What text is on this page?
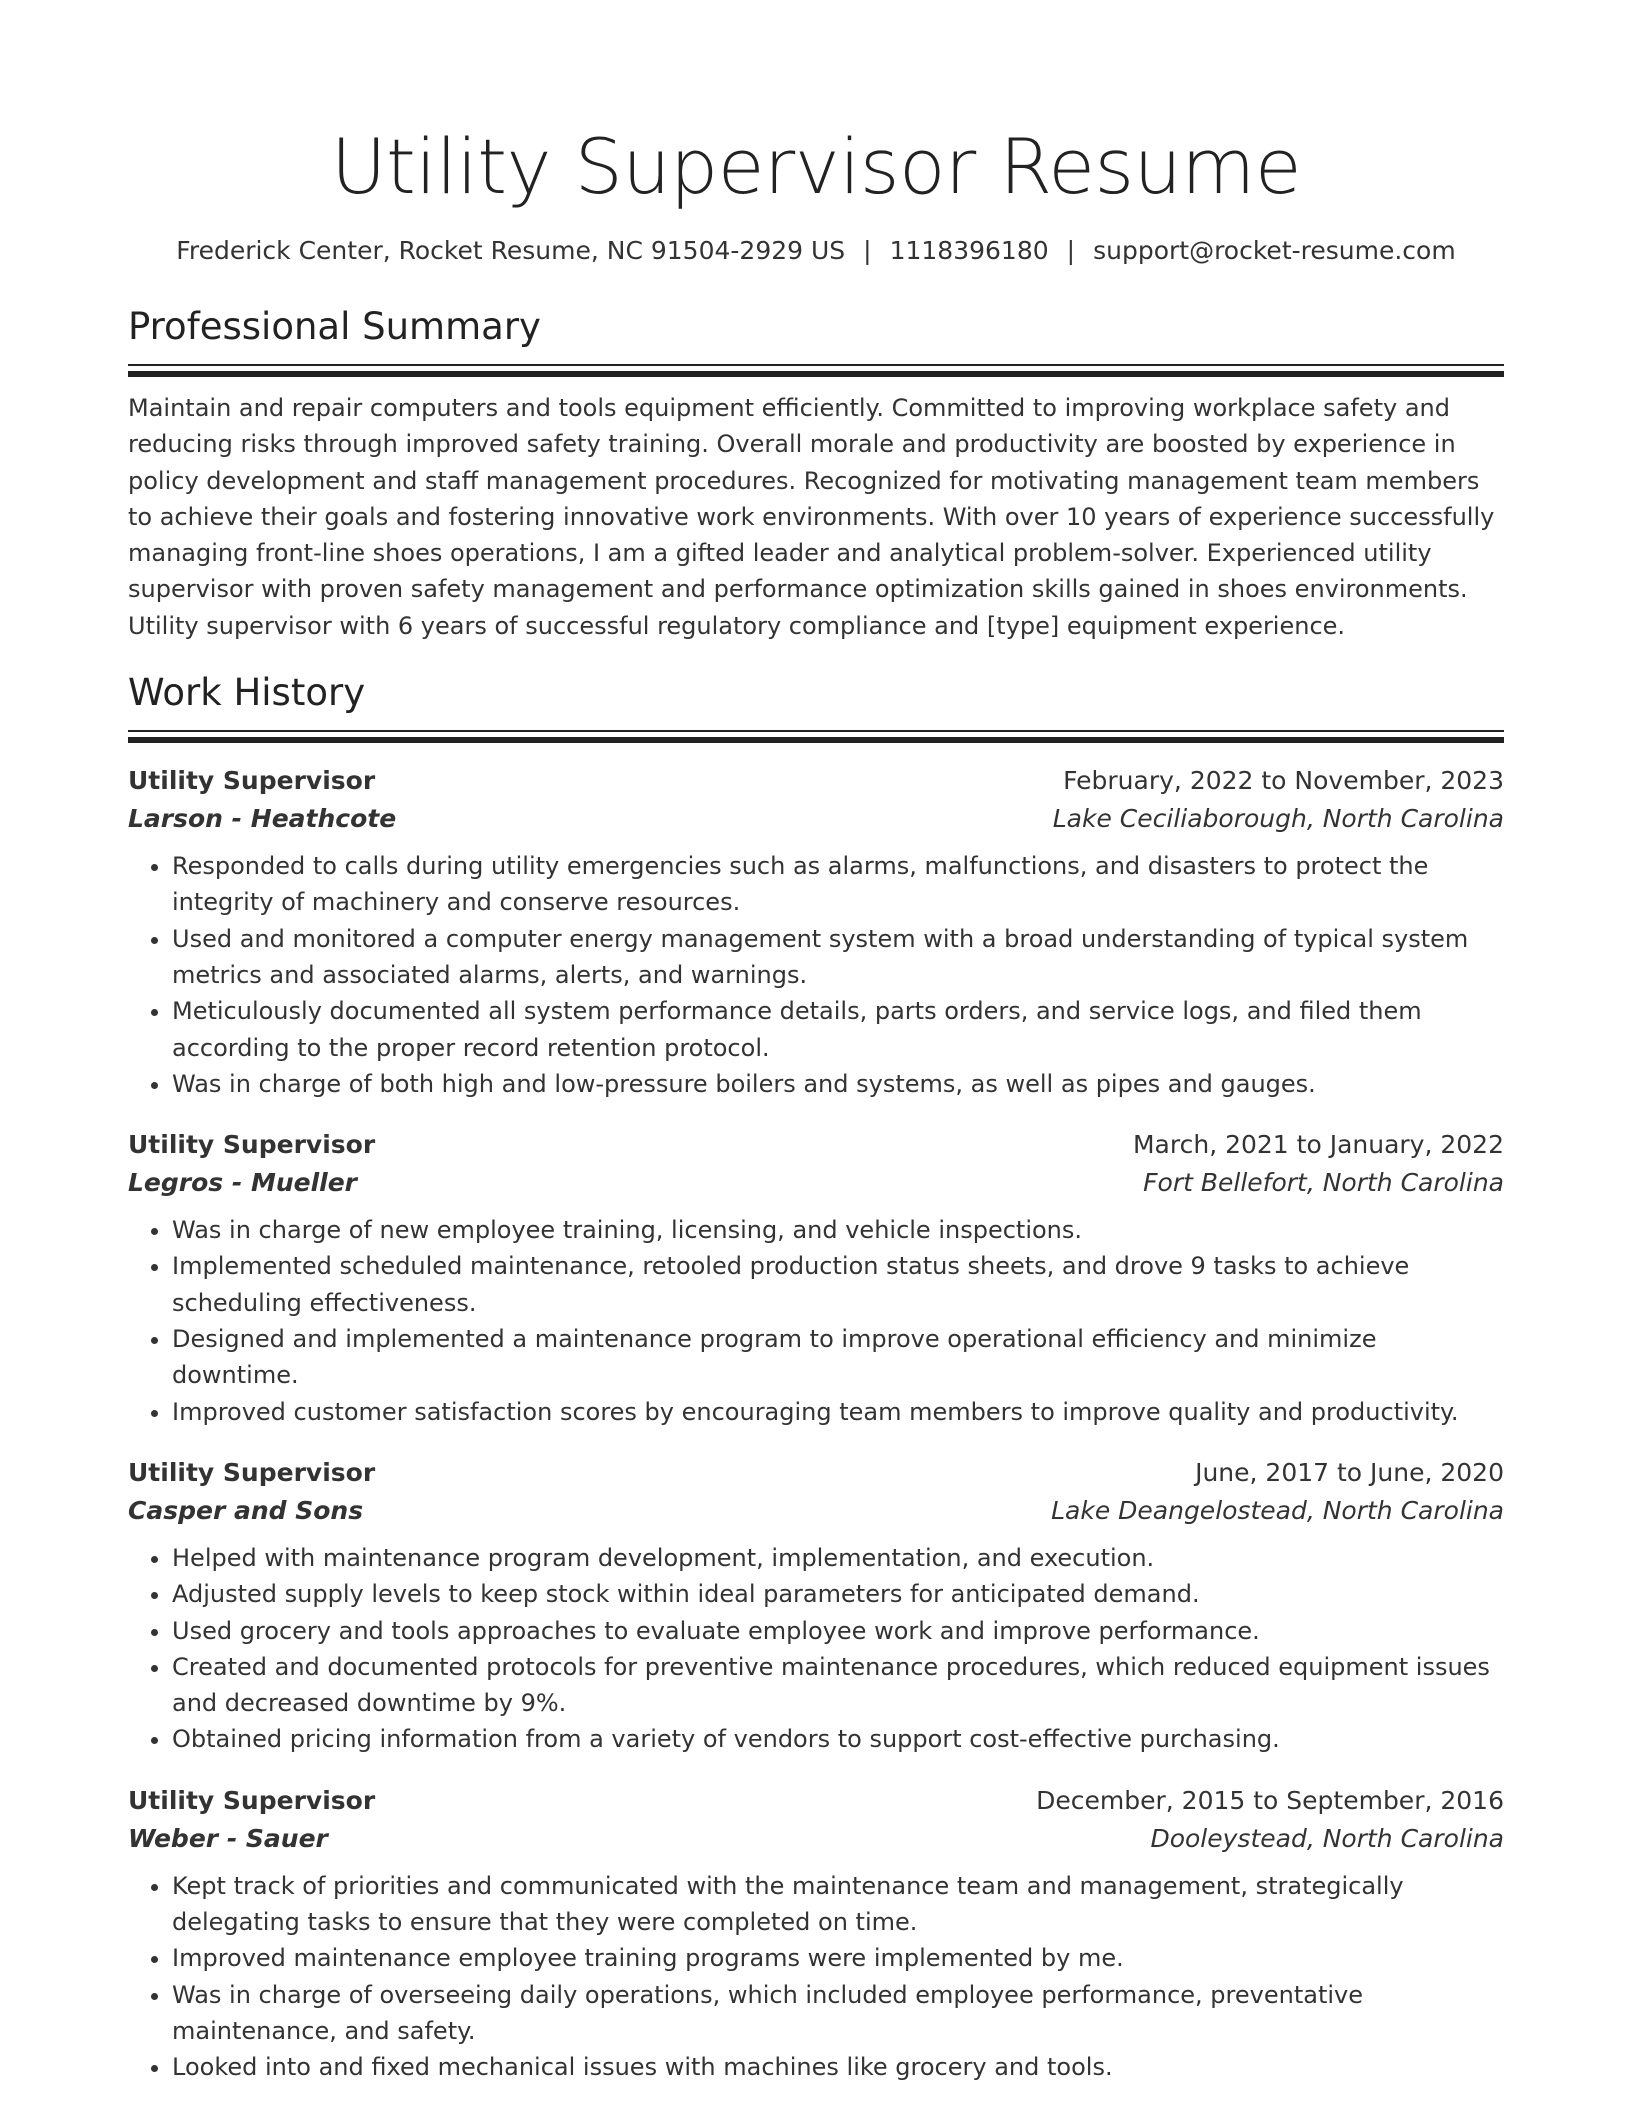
Utility Supervisor Resume
Frederick Center, Rocket Resume, NC 91504-2929 US | 1118396180 | support@rocket-resume.com
Professional Summary
Maintain and repair computers and tools equipment efficiently. Committed to improving workplace safety and reducing risks through improved safety training. Overall morale and productivity are boosted by experience in policy development and staff management procedures. Recognized for motivating management team members to achieve their goals and fostering innovative work environments. With over 10 years of experience successfully managing front-line shoes operations, I am a gifted leader and analytical problem-solver. Experienced utility supervisor with proven safety management and performance optimization skills gained in shoes environments. Utility supervisor with 6 years of successful regulatory compliance and [type] equipment experience.
Work History
Utility Supervisor	February, 2022 to November, 2023
Larson - Heathcote	Lake Ceciliaborough, North Carolina
• Responded to calls during utility emergencies such as alarms, malfunctions, and disasters to protect the integrity of machinery and conserve resources.
• Used and monitored a computer energy management system with a broad understanding of typical system metrics and associated alarms, alerts, and warnings.
• Meticulously documented all system performance details, parts orders, and service logs, and filed them according to the proper record retention protocol.
• Was in charge of both high and low-pressure boilers and systems, as well as pipes and gauges.
Utility Supervisor	March, 2021 to January, 2022
Legros - Mueller	Fort Bellefort, North Carolina
• Was in charge of new employee training, licensing, and vehicle inspections.
• Implemented scheduled maintenance, retooled production status sheets, and drove 9 tasks to achieve scheduling effectiveness.
• Designed and implemented a maintenance program to improve operational efficiency and minimize downtime.
• Improved customer satisfaction scores by encouraging team members to improve quality and productivity.
Utility Supervisor	June, 2017 to June, 2020
Casper and Sons	Lake Deangelostead, North Carolina
• Helped with maintenance program development, implementation, and execution.
• Adjusted supply levels to keep stock within ideal parameters for anticipated demand.
• Used grocery and tools approaches to evaluate employee work and improve performance.
• Created and documented protocols for preventive maintenance procedures, which reduced equipment issues and decreased downtime by 9%.
• Obtained pricing information from a variety of vendors to support cost-effective purchasing.
Utility Supervisor	December, 2015 to September, 2016
Weber - Sauer	Dooleystead, North Carolina
• Kept track of priorities and communicated with the maintenance team and management, strategically delegating tasks to ensure that they were completed on time.
• Improved maintenance employee training programs were implemented by me.
• Was in charge of overseeing daily operations, which included employee performance, preventative maintenance, and safety.
• Looked into and fixed mechanical issues with machines like grocery and tools.
